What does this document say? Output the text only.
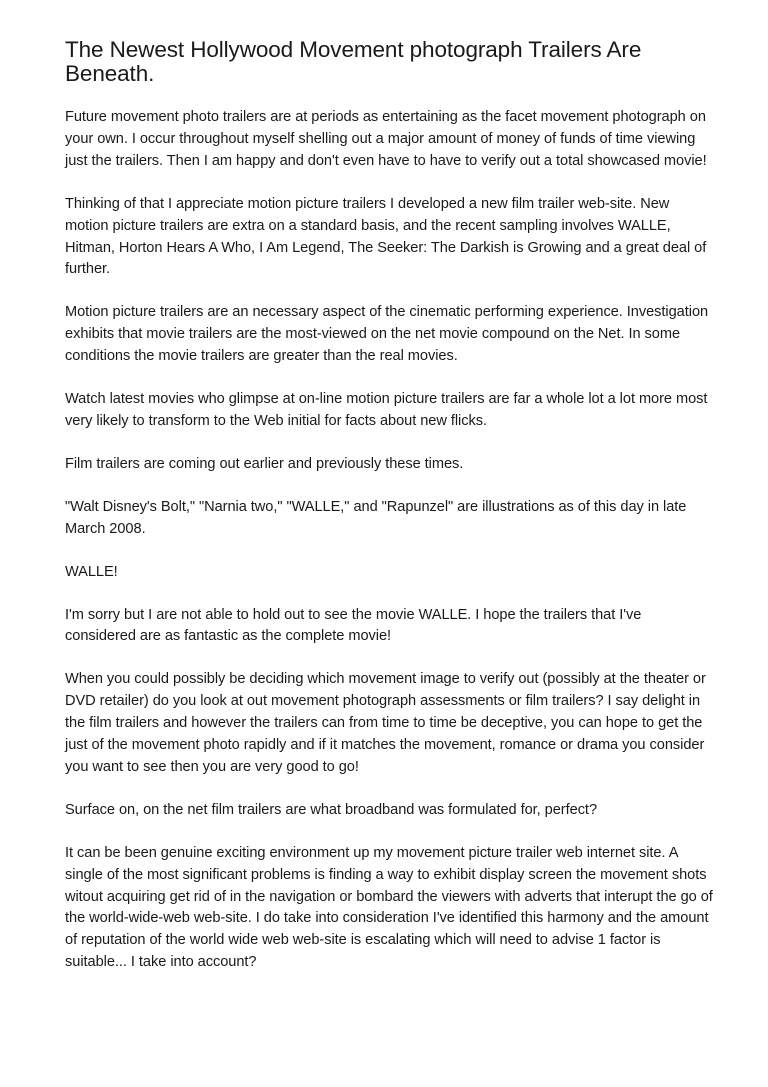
The Newest Hollywood Movement photograph Trailers Are Beneath.

Future movement photo trailers are at periods as entertaining as the facet movement photograph on your own. I occur throughout myself shelling out a major amount of money of funds of time viewing just the trailers. Then I am happy and don't even have to have to verify out a total showcased movie!

Thinking of that I appreciate motion picture trailers I developed a new film trailer web-site. New motion picture trailers are extra on a standard basis, and the recent sampling involves WALLE, Hitman, Horton Hears A Who, I Am Legend, The Seeker: The Darkish is Growing and a great deal of further.

Motion picture trailers are an necessary aspect of the cinematic performing experience. Investigation exhibits that movie trailers are the most-viewed on the net movie compound on the Net. In some conditions the movie trailers are greater than the real movies.

Watch latest movies who glimpse at on-line motion picture trailers are far a whole lot a lot more most very likely to transform to the Web initial for facts about new flicks.

Film trailers are coming out earlier and previously these times.

"Walt Disney's Bolt," "Narnia two," "WALLE," and "Rapunzel" are illustrations as of this day in late March 2008.

WALLE!

I'm sorry but I are not able to hold out to see the movie WALLE. I hope the trailers that I've considered are as fantastic as the complete movie!

When you could possibly be deciding which movement image to verify out (possibly at the theater or DVD retailer) do you look at out movement photograph assessments or film trailers? I say delight in the film trailers and however the trailers can from time to time be deceptive, you can hope to get the just of the movement photo rapidly and if it matches the movement, romance or drama you consider you want to see then you are very good to go!

Surface on, on the net film trailers are what broadband was formulated for, perfect?

It can be been genuine exciting environment up my movement picture trailer web internet site. A single of the most significant problems is finding a way to exhibit display screen the movement shots witout acquiring get rid of in the navigation or bombard the viewers with adverts that interupt the go of the world-wide-web web-site. I do take into consideration I've identified this harmony and the amount of reputation of the world wide web web-site is escalating which will need to advise 1 factor is suitable... I take into account?
